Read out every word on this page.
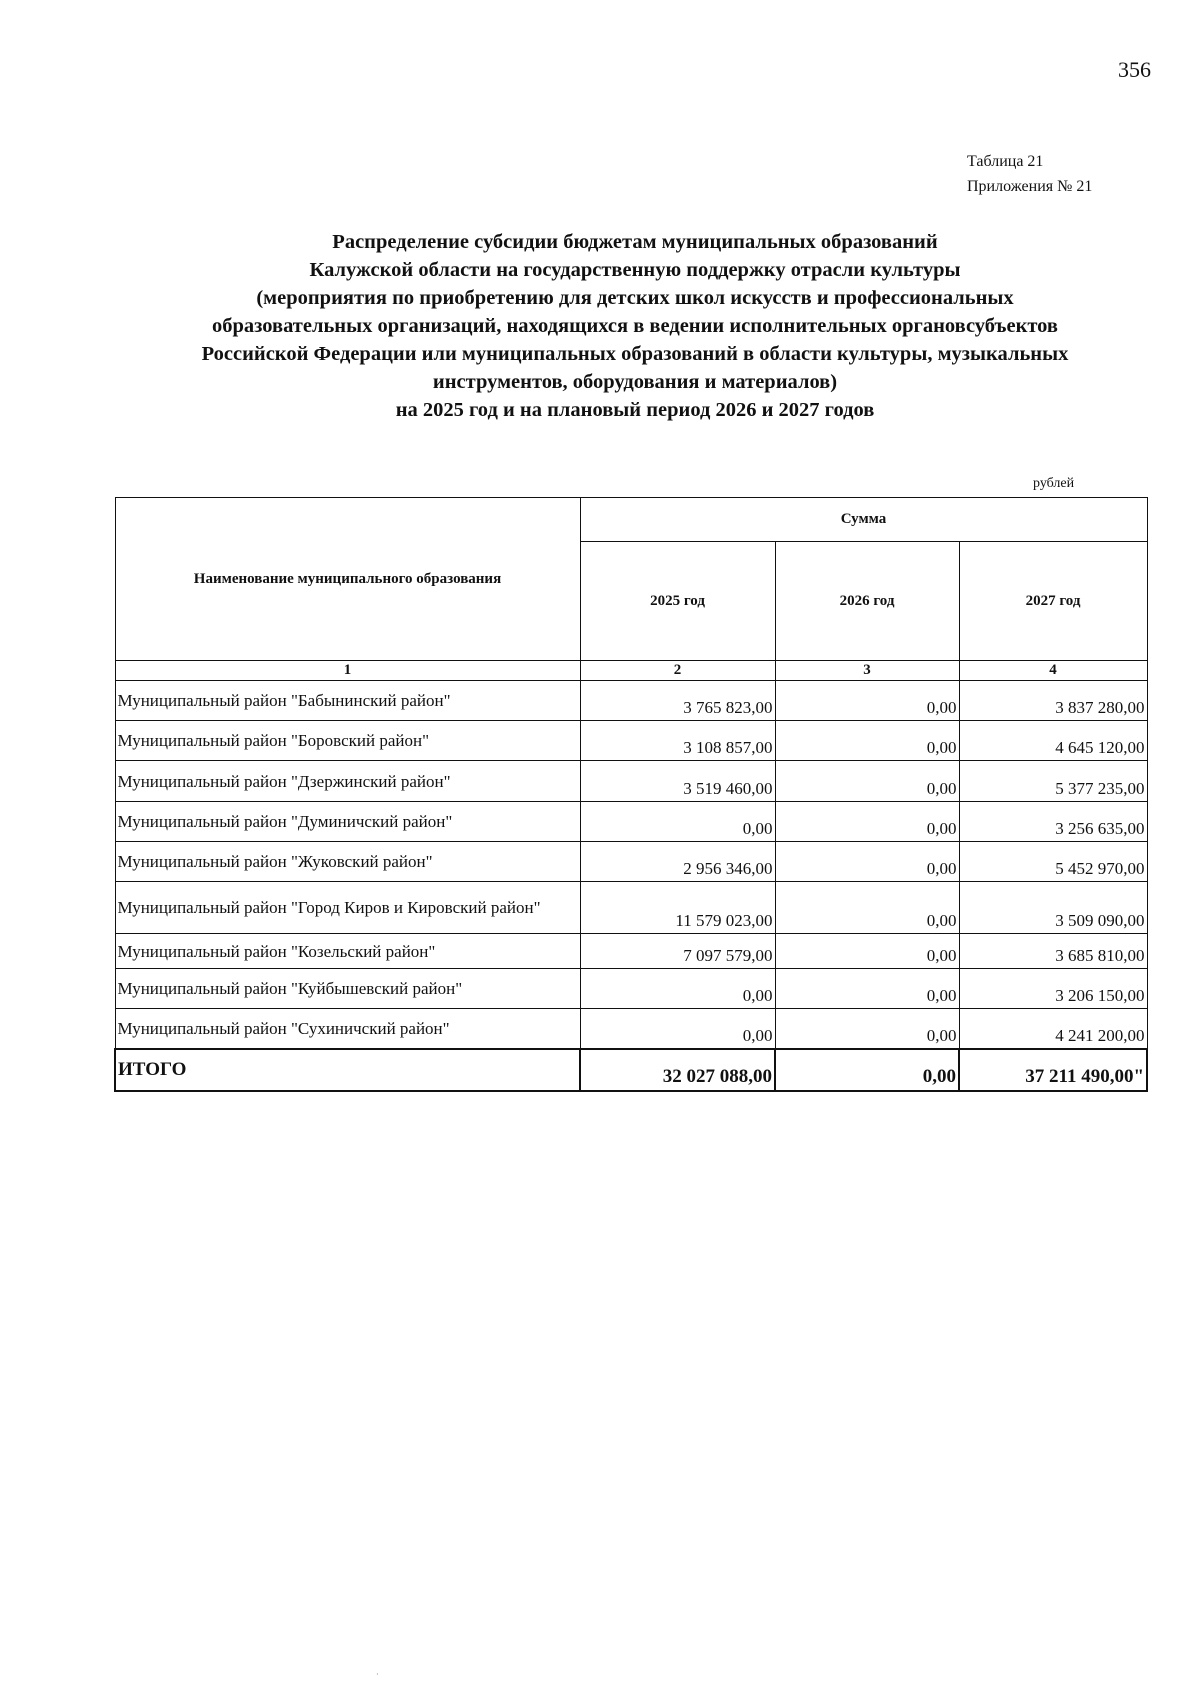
356
Таблица 21
Приложения № 21
Распределение субсидии бюджетам муниципальных образований
Калужской области на государственную поддержку отрасли культуры
(мероприятия по приобретению для детских школ искусств и профессиональных
образовательных организаций, находящихся в ведении исполнительных органовсубъектов
Российской Федерации или муниципальных образований в области культуры, музыкальных
инструментов, оборудования и материалов)
на 2025 год и на плановый период 2026 и 2027 годов
рублей
Наименование муниципального образования	Сумма		
	2025 год	2026 год	2027 год
1	2	3	4
Муниципальный район "Бабынинский район"	3 765 823,00	0,00	3 837 280,00
Муниципальный район "Боровский район"	3 108 857,00	0,00	4 645 120,00
Муниципальный район "Дзержинский район"	3 519 460,00	0,00	5 377 235,00
Муниципальный район "Думиничский район"	0,00	0,00	3 256 635,00
Муниципальный район "Жуковский район"	2 956 346,00	0,00	5 452 970,00
Муниципальный район "Город Киров и Кировский район"	11 579 023,00	0,00	3 509 090,00
Муниципальный район "Козельский район"	7 097 579,00	0,00	3 685 810,00
Муниципальный район "Куйбышевский район"	0,00	0,00	3 206 150,00
Муниципальный район "Сухиничский район"	0,00	0,00	4 241 200,00
ИТОГО	32 027 088,00	0,00	37 211 490,00"
·
